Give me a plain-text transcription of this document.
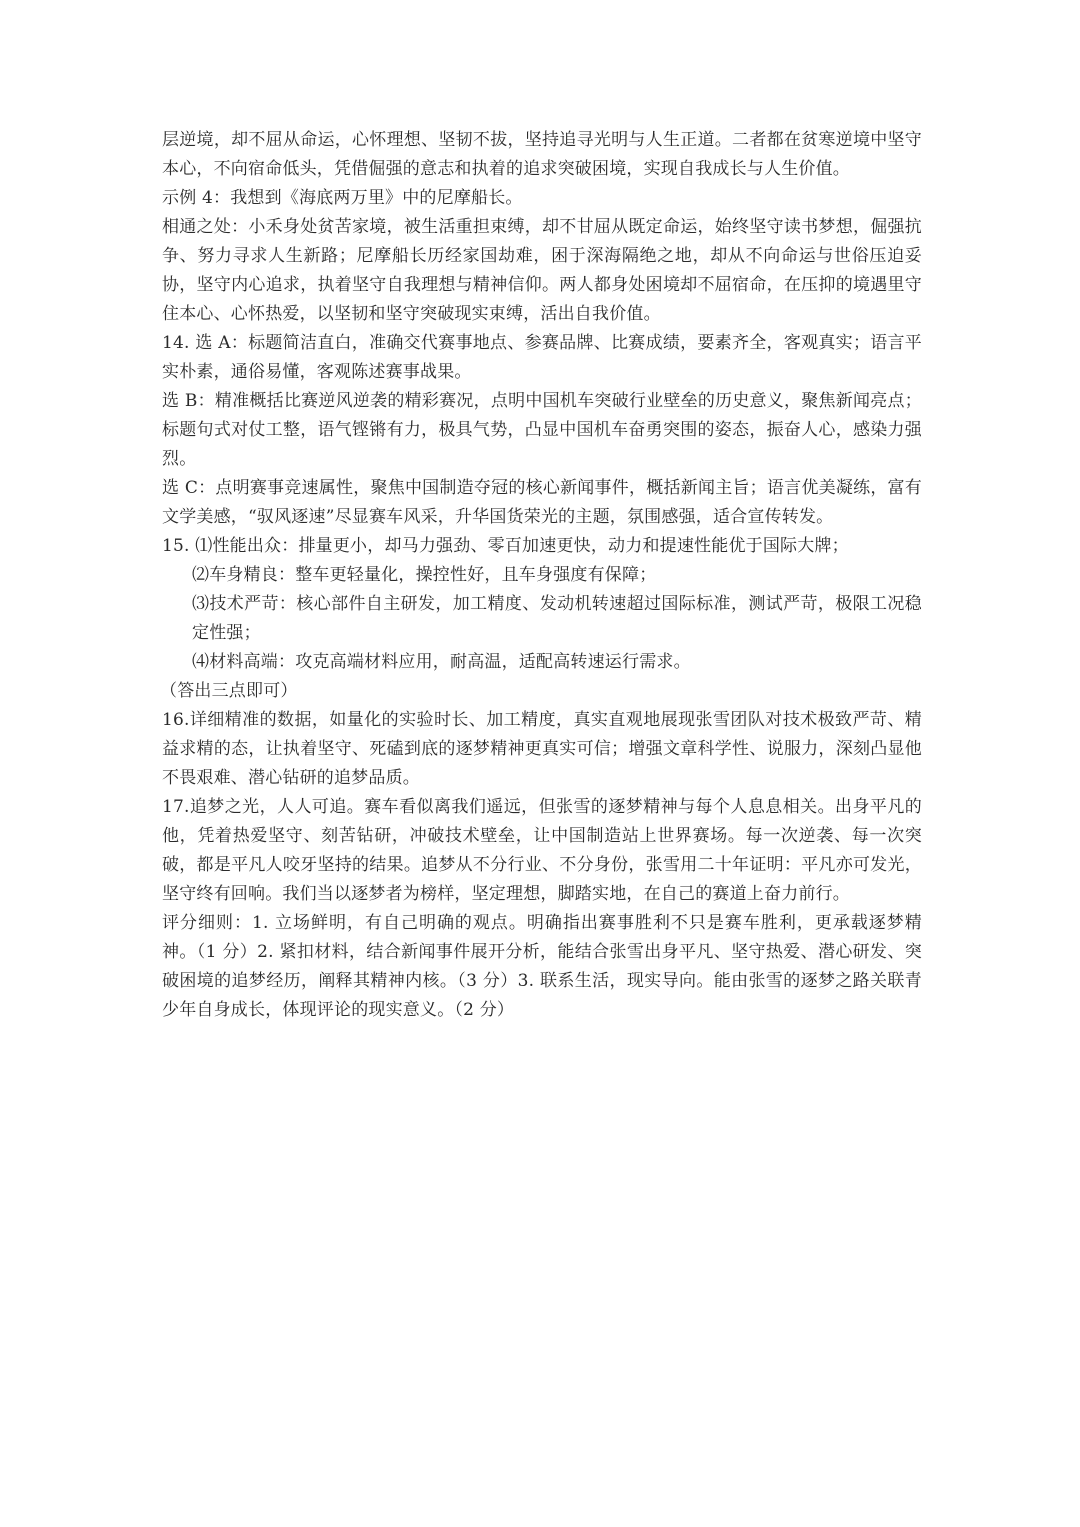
层逆境，却不屈从命运，心怀理想、坚韧不拔，坚持追寻光明与人生正道。二者都在贫寒逆境中坚守本心，不向宿命低头，凭借倔强的意志和执着的追求突破困境，实现自我成长与人生价值。

示例 4：我想到《海底两万里》中的尼摩船长。

相通之处：小禾身处贫苦家境，被生活重担束缚，却不甘屈从既定命运，始终坚守读书梦想，倔强抗争、努力寻求人生新路；尼摩船长历经家国劫难，困于深海隔绝之地，却从不向命运与世俗压迫妥协，坚守内心追求，执着坚守自我理想与精神信仰。两人都身处困境却不屈宿命，在压抑的境遇里守住本心、心怀热爱，以坚韧和坚守突破现实束缚，活出自我价值。

14. 选 A：标题简洁直白，准确交代赛事地点、参赛品牌、比赛成绩，要素齐全，客观真实；语言平实朴素，通俗易懂，客观陈述赛事战果。

选 B：精准概括比赛逆风逆袭的精彩赛况，点明中国机车突破行业壁垒的历史意义，聚焦新闻亮点；标题句式对仗工整，语气铿锵有力，极具气势，凸显中国机车奋勇突围的姿态，振奋人心，感染力强烈。

选 C：点明赛事竞速属性，聚焦中国制造夺冠的核心新闻事件，概括新闻主旨；语言优美凝练，富有文学美感，“驭风逐速”尽显赛车风采，升华国货荣光的主题，氛围感强，适合宣传转发。

15. ⑴性能出众：排量更小，却马力强劲、零百加速更快，动力和提速性能优于国际大牌；

⑵车身精良：整车更轻量化，操控性好，且车身强度有保障；

⑶技术严苛：核心部件自主研发，加工精度、发动机转速超过国际标准，测试严苛，极限工况稳定性强；

⑷材料高端：攻克高端材料应用，耐高温，适配高转速运行需求。

（答出三点即可）

16.详细精准的数据，如量化的实验时长、加工精度，真实直观地展现张雪团队对技术极致严苛、精益求精的态，让执着坚守、死磕到底的逐梦精神更真实可信；增强文章科学性、说服力，深刻凸显他不畏艰难、潜心钻研的追梦品质。

17.追梦之光，人人可追。赛车看似离我们遥远，但张雪的逐梦精神与每个人息息相关。出身平凡的他，凭着热爱坚守、刻苦钻研，冲破技术壁垒，让中国制造站上世界赛场。每一次逆袭、每一次突破，都是平凡人咬牙坚持的结果。追梦从不分行业、不分身份，张雪用二十年证明：平凡亦可发光，坚守终有回响。我们当以逐梦者为榜样，坚定理想，脚踏实地，在自己的赛道上奋力前行。

评分细则：1. 立场鲜明，有自己明确的观点。明确指出赛事胜利不只是赛车胜利，更承载逐梦精神。（1 分）2. 紧扣材料，结合新闻事件展开分析，能结合张雪出身平凡、坚守热爱、潜心研发、突破困境的追梦经历，阐释其精神内核。（3 分）3. 联系生活，现实导向。能由张雪的逐梦之路关联青少年自身成长，体现评论的现实意义。（2 分）
